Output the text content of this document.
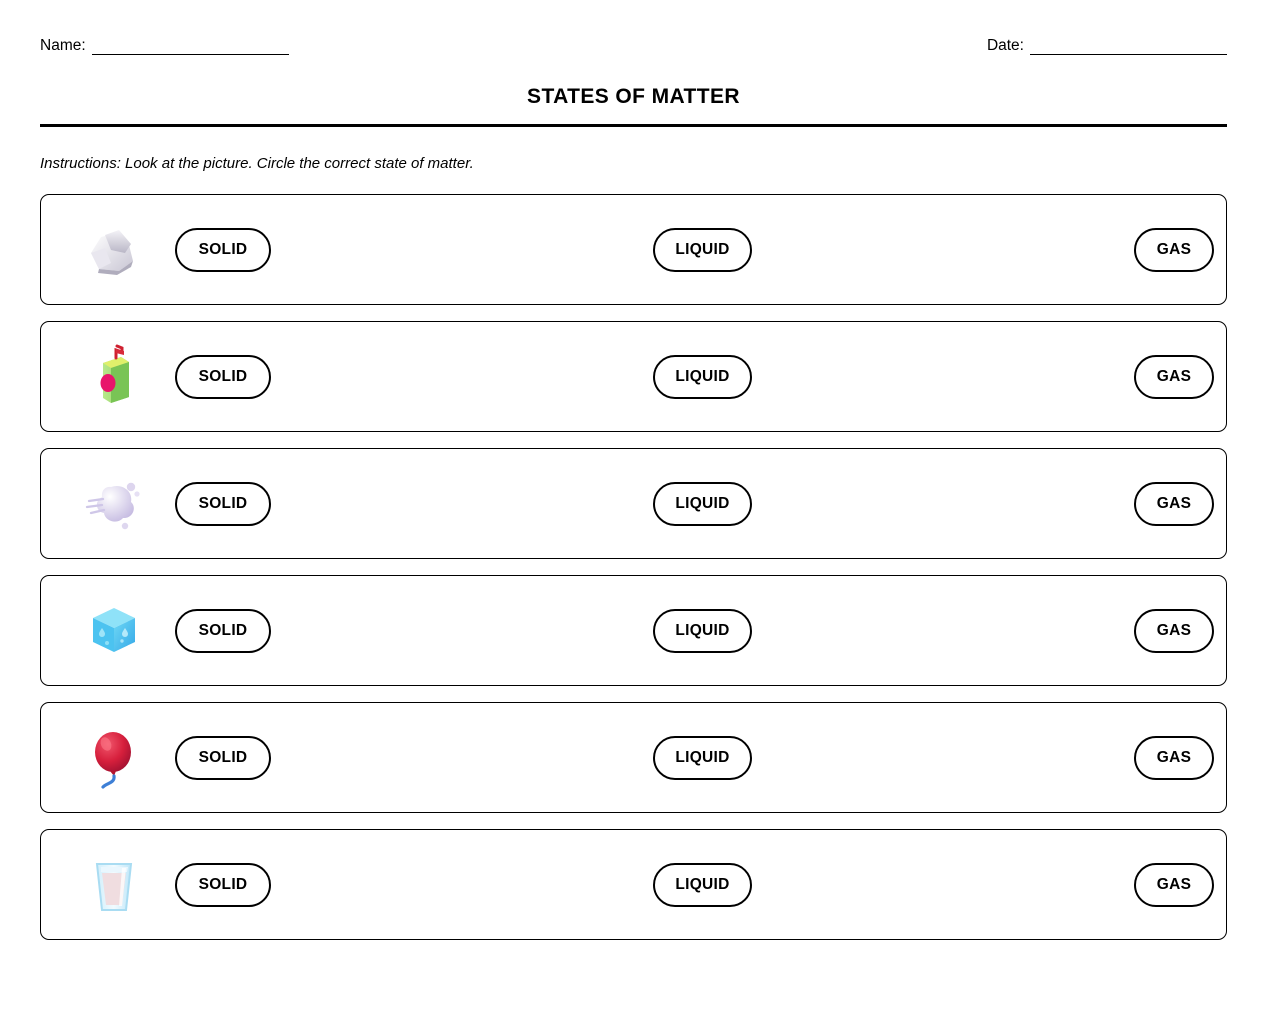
Name:	Date:
STATES OF MATTER

Instructions: Look at the picture. Circle the correct state of matter.

SOLID	LIQUID	GAS
SOLID	LIQUID	GAS
SOLID	LIQUID	GAS
SOLID	LIQUID	GAS
SOLID	LIQUID	GAS
SOLID	LIQUID	GAS
